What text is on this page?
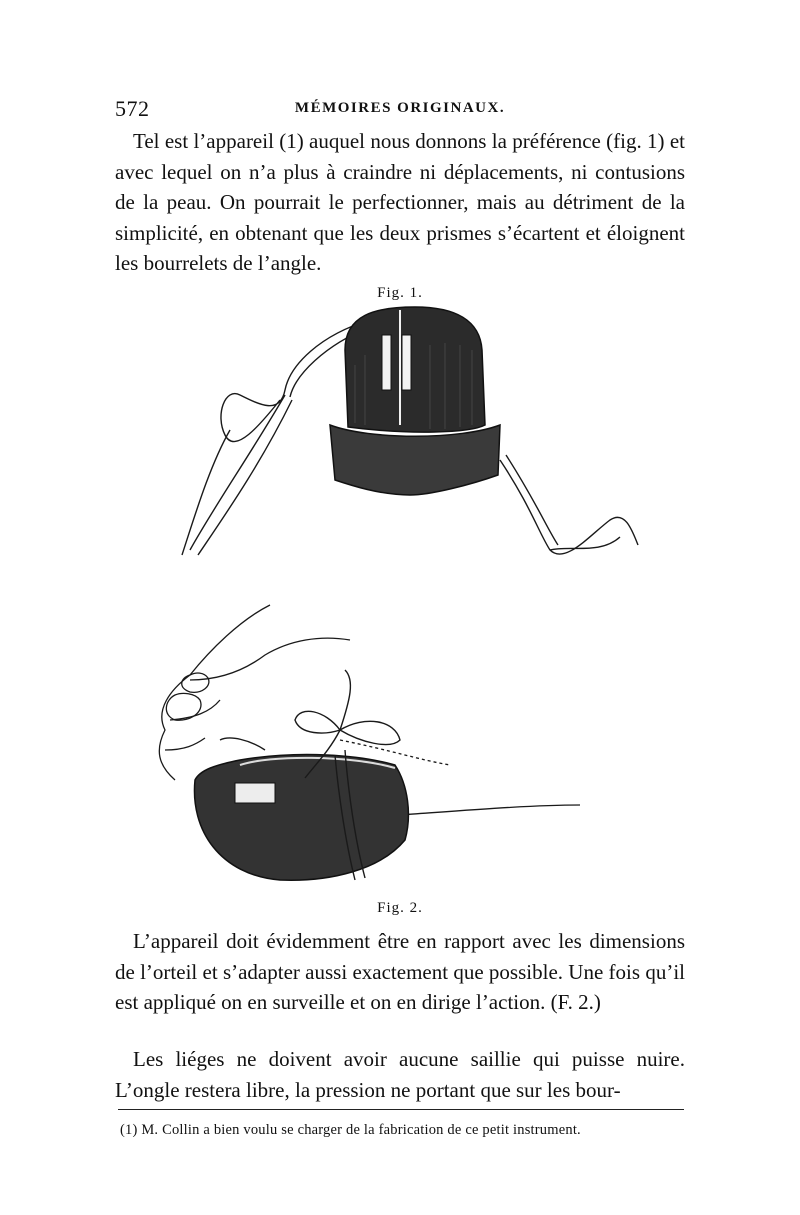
572	MÉMOIRES ORIGINAUX.

Tel est l’appareil (1) auquel nous donnons la préférence (fig. 1) et avec lequel on n’a plus à craindre ni déplacements, ni contusions de la peau. On pourrait le perfectionner, mais au détriment de la simplicité, en obtenant que les deux prismes s’écartent et éloignent les bourrelets de l’angle.

Fig. 1.
Fig. 2.

L’appareil doit évidemment être en rapport avec les dimensions de l’orteil et s’adapter aussi exactement que possible. Une fois qu’il est appliqué on en surveille et on en dirige l’action. (F. 2.)

Les liéges ne doivent avoir aucune saillie qui puisse nuire. L’ongle restera libre, la pression ne portant que sur les bour-

(1) M. Collin a bien voulu se charger de la fabrication de ce petit instrument.
